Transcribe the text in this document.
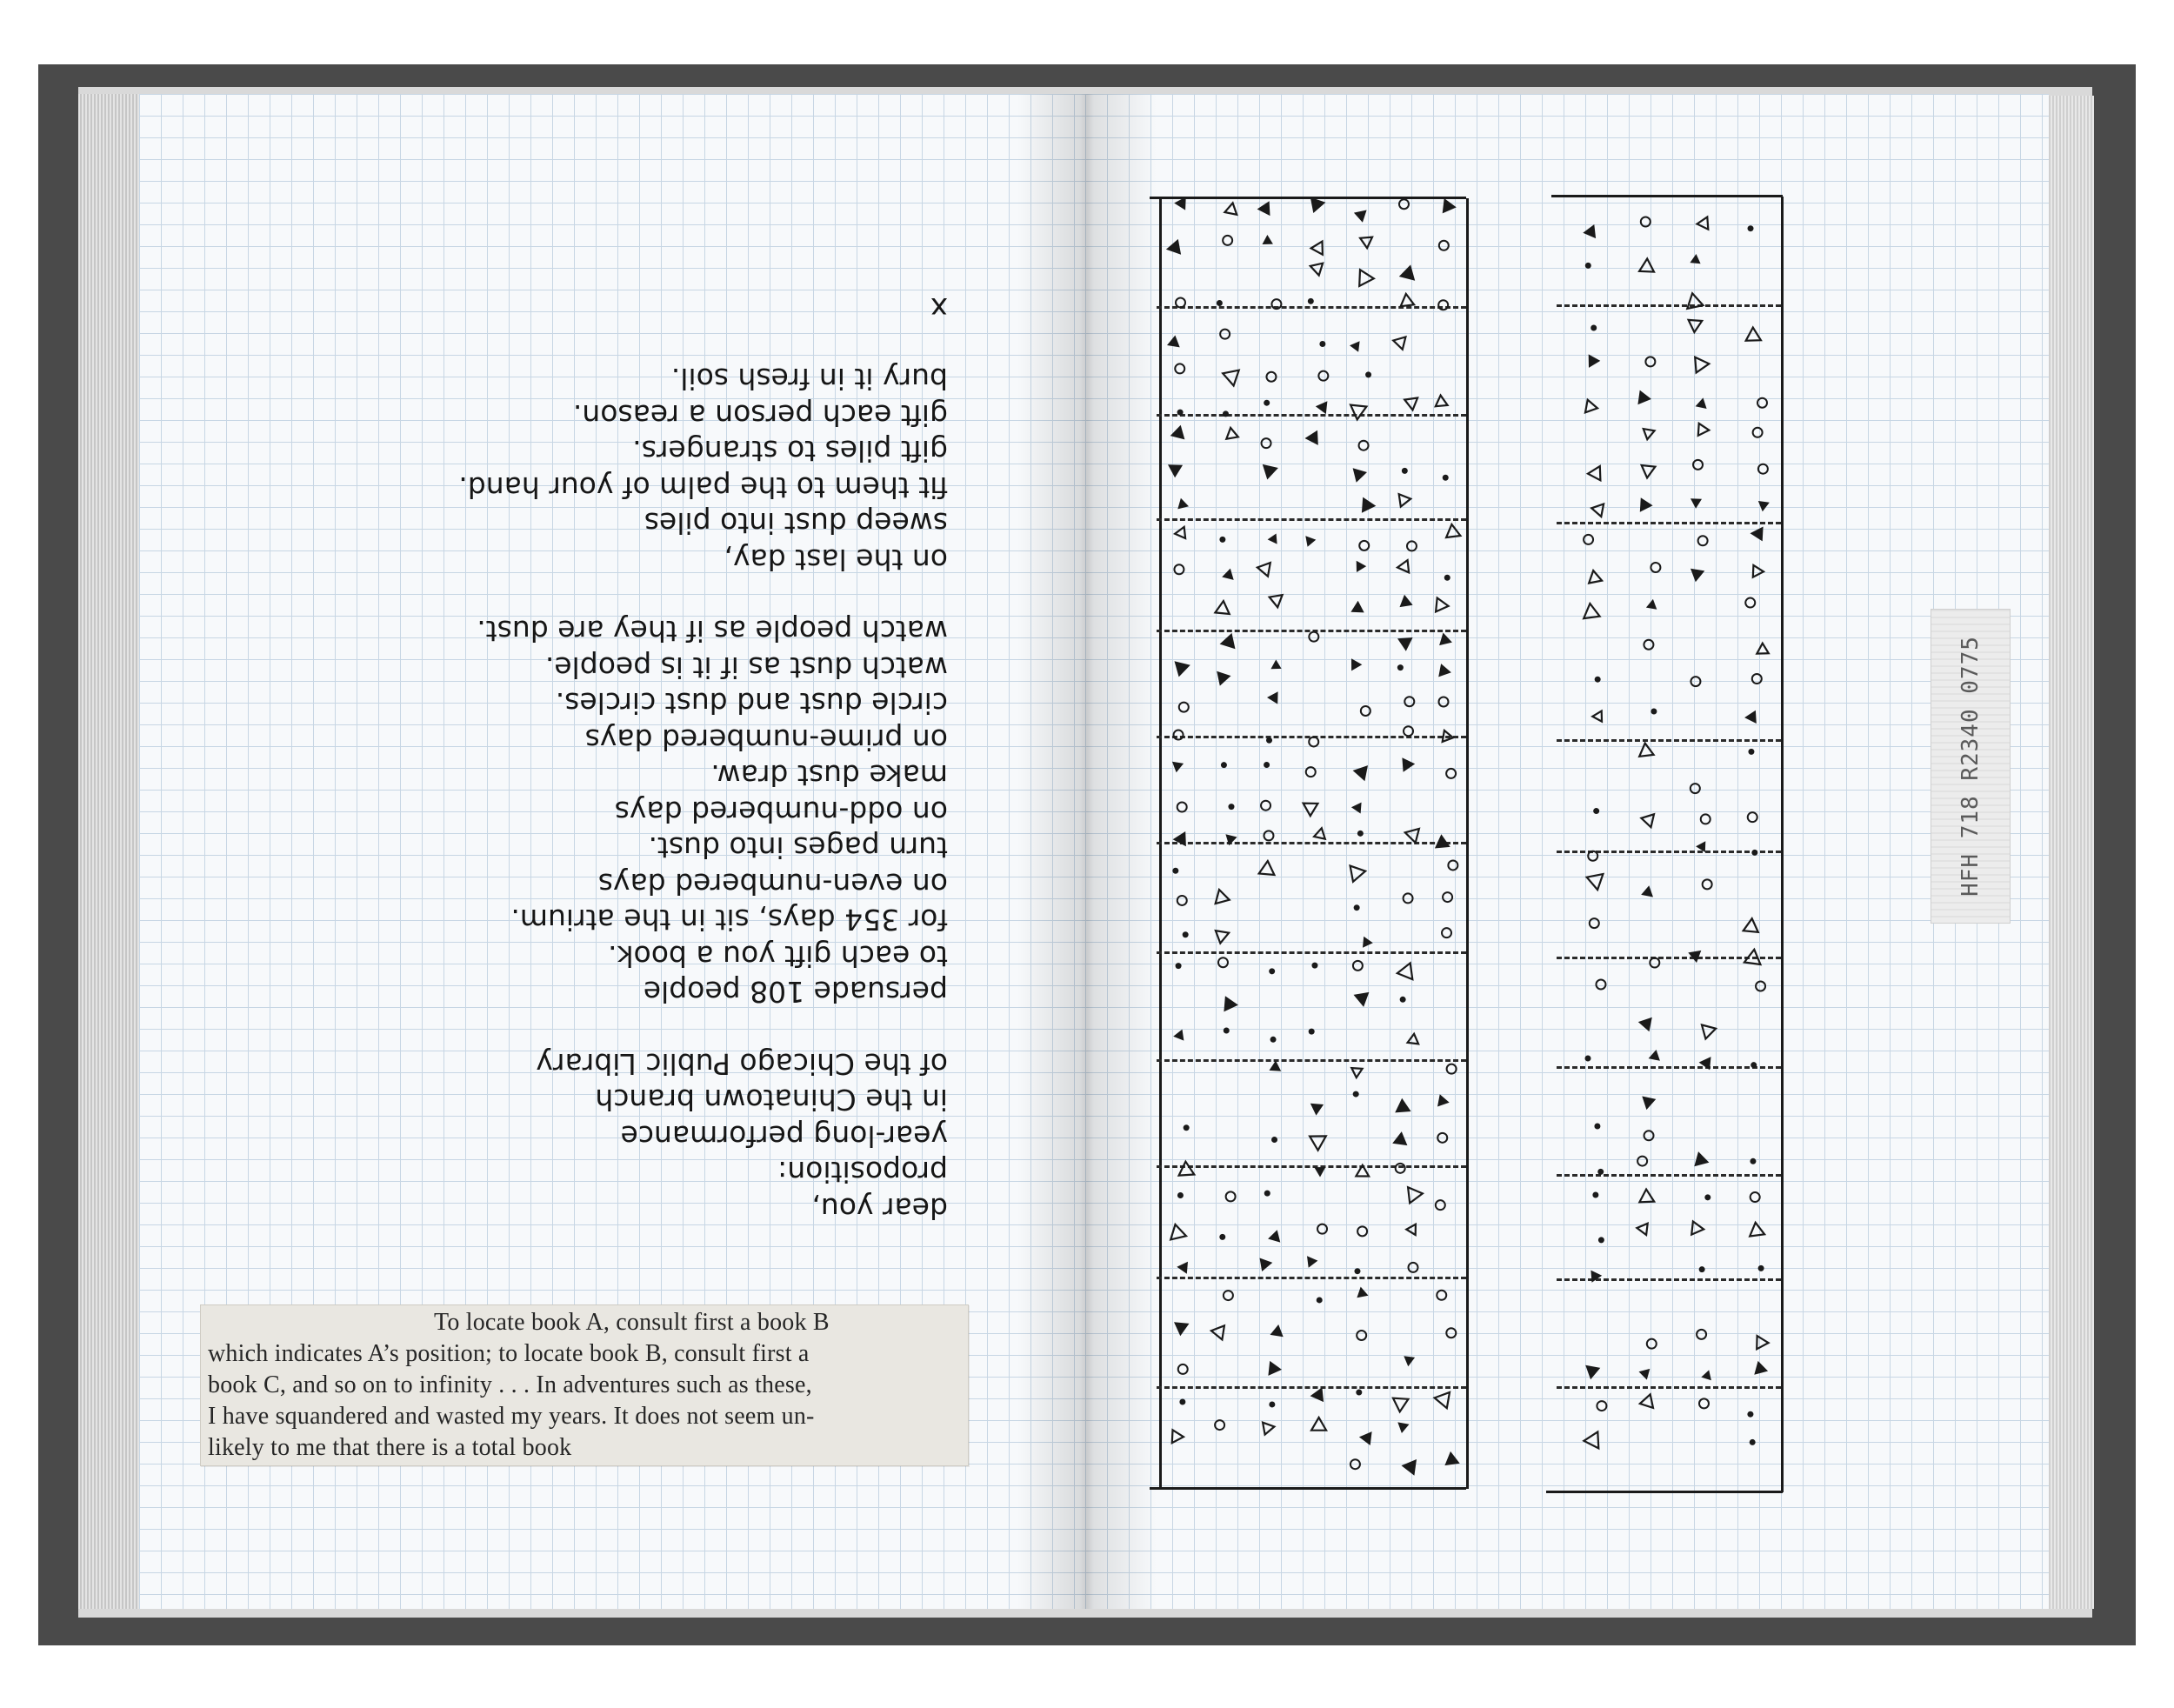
dear you,
proposition:
year-long performance
in the Chinatown branch
of the Chicago Public Library
persuade 108 people
to each gift you a book.
for 354 days, sit in the atrium.
on even-numbered days
turn pages into dust.
on odd-numbered days
make dust draw.
on prime-numbered days
circle dust and dust circles.
watch dust as if it is people.
watch people as if they are dust.
on the last day,
sweep dust into piles
fit them to the palm of your hand.
gift piles to strangers.
gift each person a reason.
bury it in fresh soil.
x
To locate book A, consult first a book B
which indicates A’s position; to locate book B, consult first a
book C, and so on to infinity . . . In adventures such as these,
I have squandered and wasted my years. It does not seem un-
likely to me that there is a total book
HFH 718 R2340 0775
